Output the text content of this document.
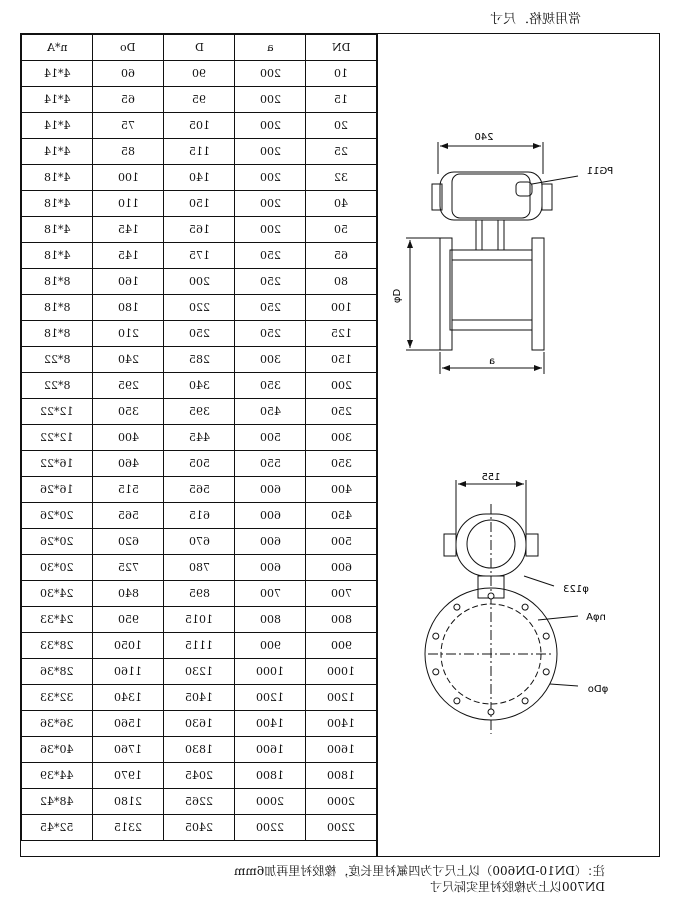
常用规格．尺寸
n*A	Do	D	a	DN
4*14	60	90	200	10
4*14	65	95	200	15
4*14	75	105	200	20
4*14	85	115	200	25
4*18	100	140	200	32
4*18	110	150	200	40
4*18	145	165	200	50
4*18	145	175	250	65
8*18	160	200	250	80
8*18	180	220	250	100
8*18	210	250	250	125
8*22	240	285	300	150
8*22	295	340	350	200
12*22	350	395	450	250
12*22	400	445	500	300
16*22	460	505	550	350
16*26	515	565	600	400
20*26	565	615	600	450
20*26	620	670	600	500
20*30	725	780	600	600
24*30	840	895	700	700
24*33	950	1015	800	800
28*33	1050	1115	900	900
28*36	1160	1230	1000	1000
32*33	1340	1405	1200	1200
36*36	1560	1630	1400	1400
40*36	1760	1830	1600	1600
44*39	1970	2045	1800	1800
48*42	2180	2265	2000	2000
52*45	2315	2405	2200	2200
240
PG11
φD
a
155
φ123
nφA
φDo
注：（DN10-DN600）以上尺寸为四氟衬里长度，橡胶衬里再加6mm
DN700以上为橡胶衬里实际尺寸
